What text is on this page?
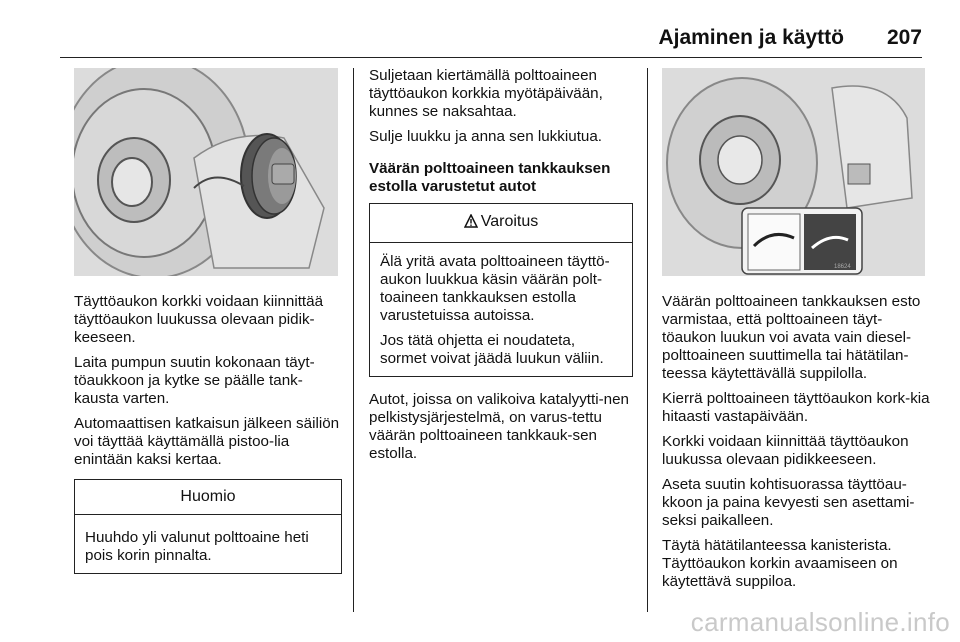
Ajaminen ja käyttö 207

Täyttöaukon korkki voidaan kiinnittää täyttöaukon luukussa olevaan pidik-keeseen.

Laita pumpun suutin kokonaan täyt-töaukkoon ja kytke se päälle tank-kausta varten.

Automaattisen katkaisun jälkeen säiliön voi täyttää käyttämällä pistoo-lia enintään kaksi kertaa.

Huomio

Huuhdo yli valunut polttoaine heti pois korin pinnalta.

Suljetaan kiertämällä polttoaineen täyttöaukon korkkia myötäpäivään, kunnes se naksahtaa.

Sulje luukku ja anna sen lukkiutua.

Väärän polttoaineen tankkauksen estolla varustetut autot

Varoitus

Älä yritä avata polttoaineen täyttö-aukon luukkua käsin väärän polt-toaineen tankkauksen estolla varustetuissa autoissa.

Jos tätä ohjetta ei noudateta, sormet voivat jäädä luukun väliin.

Autot, joissa on valikoiva katalyytti-nen pelkistysjärjestelmä, on varus-tettu väärän polttoaineen tankkauk-sen estolla.

18624

Väärän polttoaineen tankkauksen esto varmistaa, että polttoaineen täyt-töaukon luukun voi avata vain diesel-polttoaineen suuttimella tai hätätilan-teessa käytettävällä suppilolla.

Kierrä polttoaineen täyttöaukon kork-kia hitaasti vastapäivään.

Korkki voidaan kiinnittää täyttöaukon luukussa olevaan pidikkeeseen.

Aseta suutin kohtisuorassa täyttöau-kkoon ja paina kevyesti sen asettami-seksi paikalleen.

Täytä hätätilanteessa kanisterista. Täyttöaukon korkin avaamiseen on käytettävä suppiloa.

carmanualsonline.info
